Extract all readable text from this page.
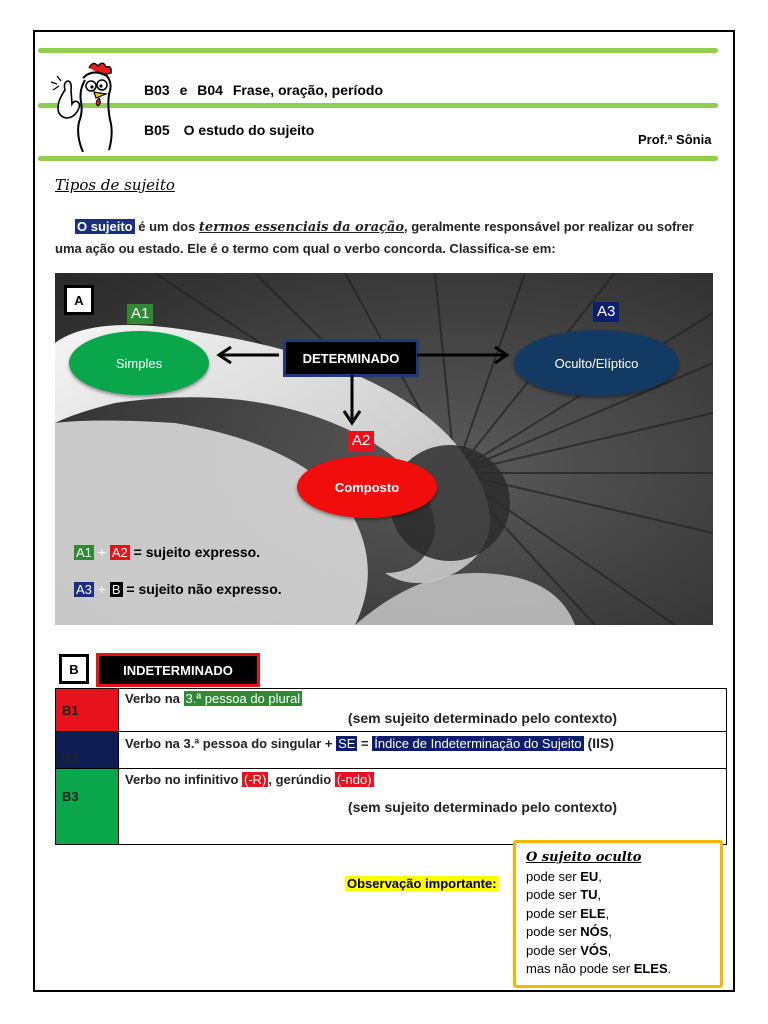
B03 e B04 Frase, oração, período
B05 O estudo do sujeito
Prof.ª Sônia
Tipos de sujeito
O sujeito é um dos termos essenciais da oração, geralmente responsável por realizar ou sofrer uma ação ou estado. Ele é o termo com qual o verbo concorda. Classifica-se em:
A
A1	A3
A2
Simples	Oculto/Elíptico
Composto
DETERMINADO
A1 + A2 = sujeito expresso.
A3 + B = sujeito não expresso.
B	INDETERMINADO
B1	Verbo na 3.ª pessoa do plural
(sem sujeito determinado pelo contexto)

B2	Verbo na 3.ª pessoa do singular + SE = Índice de Indeterminação do Sujeito (IIS)
B3	Verbo no infinitivo (-R) , gerúndio (-ndo)
(sem sujeito determinado pelo contexto)
Observação importante:
O sujeito oculto
pode ser EU,
pode ser TU,
pode ser ELE,
pode ser NÓS,
pode ser VÓS,
mas não pode ser ELES.
